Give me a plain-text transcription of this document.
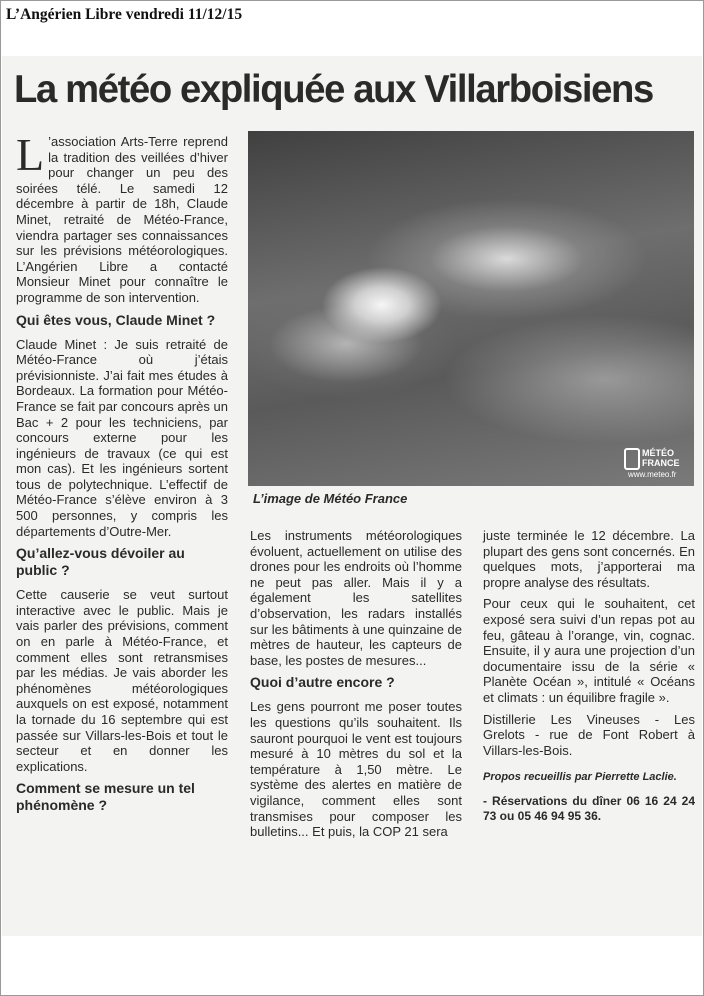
L’Angérien Libre vendredi 11/12/15
La météo expliquée aux Villarboisiens

L ’association Arts-Terre reprend la tradition des veillées d’hiver pour changer un peu des soirées télé. Le samedi 12 décembre à partir de 18h, Claude Minet, retraité de Météo-France, viendra partager ses connaissances sur les prévisions météorologiques. L’Angérien Libre a contacté Monsieur Minet pour connaître le programme de son intervention.

Qui êtes vous, Claude Minet ?

Claude Minet : Je suis retraité de Météo-France où j’étais prévisionniste. J’ai fait mes études à Bordeaux. La formation pour Météo-France se fait par concours après un Bac + 2 pour les techniciens, par concours externe pour les ingénieurs de travaux (ce qui est mon cas). Et les ingénieurs sortent tous de polytechnique. L’effectif de Météo-France s’élève environ à 3 500 personnes, y compris les départements d’Outre-Mer.

Qu’allez-vous dévoiler au public ?

Cette causerie se veut surtout interactive avec le public. Mais je vais parler des prévisions, comment on en parle à Météo-France, et comment elles sont retransmises par les médias. Je vais aborder les phénomènes météorologiques auxquels on est exposé, notamment la tornade du 16 septembre qui est passée sur Villars-les-Bois et tout le secteur et en donner les explications.

Comment se mesure un tel phénomène ?
MÉTÉO
FRANCE
www.meteo.fr
L’image de Météo France

Les instruments météorologiques évoluent, actuellement on utilise des drones pour les endroits où l’homme ne peut pas aller. Mais il y a également les satellites d’observation, les radars installés sur les bâtiments à une quinzaine de mètres de hauteur, les capteurs de base, les postes de mesures...

Quoi d’autre encore ?

Les gens pourront me poser toutes les questions qu’ils souhaitent. Ils sauront pourquoi le vent est toujours mesuré à 10 mètres du sol et la température à 1,50 mètre. Le système des alertes en matière de vigilance, comment elles sont transmises pour composer les bulletins... Et puis, la COP 21 sera

juste terminée le 12 décembre. La plupart des gens sont concernés. En quelques mots, j’apporterai ma propre analyse des résultats.

Pour ceux qui le souhaitent, cet exposé sera suivi d’un repas pot au feu, gâteau à l’orange, vin, cognac. Ensuite, il y aura une projection d’un documentaire issu de la série « Planète Océan », intitulé « Océans et climats : un équilibre fragile ».

Distillerie Les Vineuses - Les Grelots - rue de Font Robert à Villars-les-Bois.

Propos recueillis par Pierrette Laclie.

- Réservations du dîner 06 16 24 24 73 ou 05 46 94 95 36.
